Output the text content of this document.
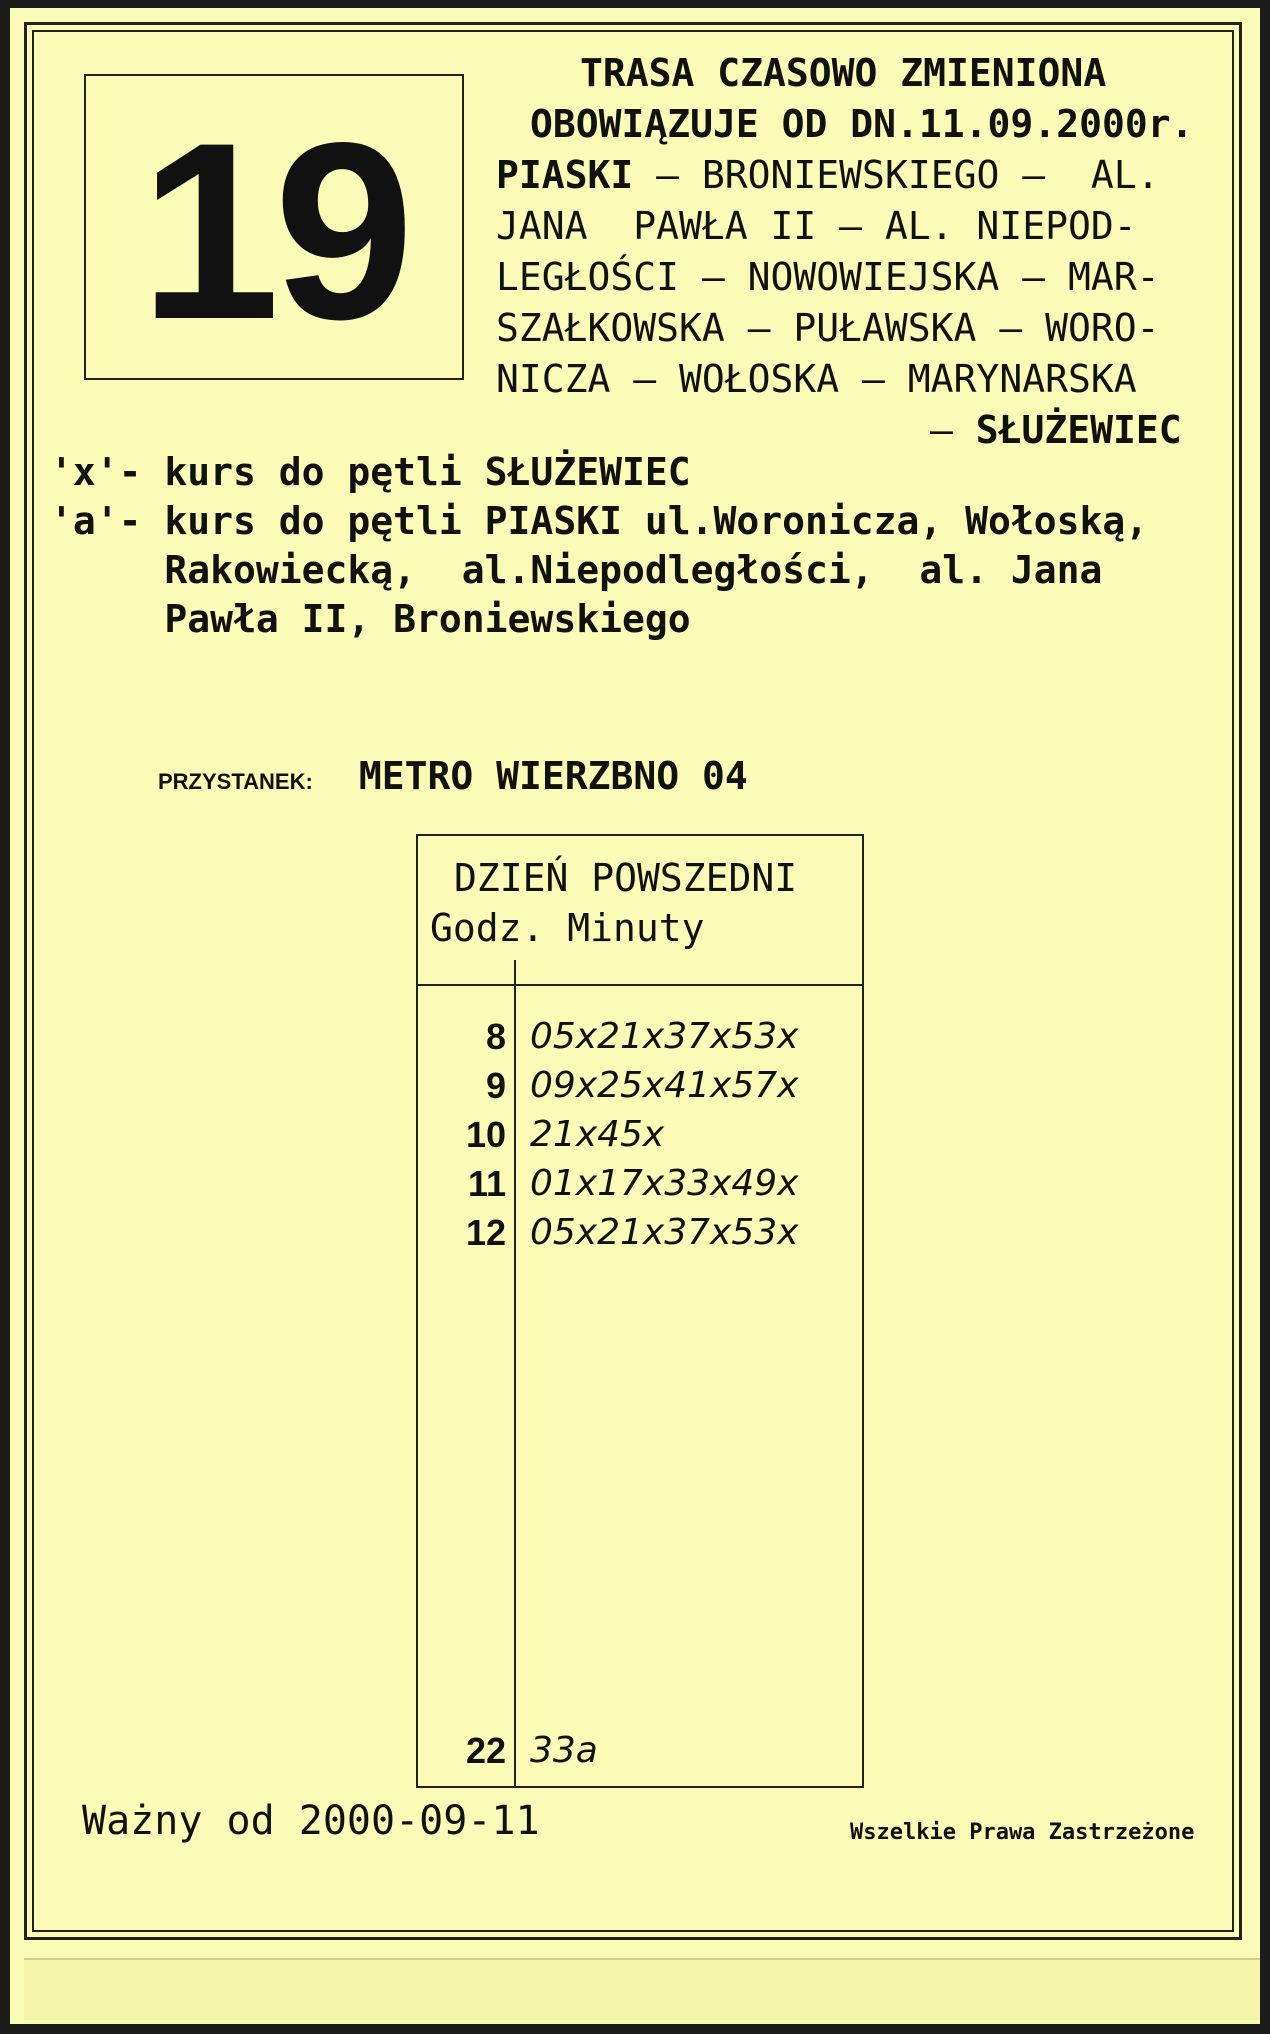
19
TRASA CZASOWO ZMIENIONA
OBOWIĄZUJE OD DN.11.09.2000r.
PIASKI – BRONIEWSKIEGO –  AL.
JANA  PAWŁA II – AL. NIEPOD-
LEGŁOŚCI – NOWOWIEJSKA – MAR-
SZAŁKOWSKA – PUŁAWSKA – WORO-
NICZA – WOŁOSKA – MARYNARSKA
– SŁUŻEWIEC
'x'- kurs do pętli SŁUŻEWIEC
'a'- kurs do pętli PIASKI ul.Woronicza, Wołoską,
Rakowiecką,  al.Niepodległości,  al. Jana
Pawła II, Broniewskiego
PRZYSTANEK: METRO WIERZBNO 04
DZIEŃ POWSZEDNI
Godz. Minuty
8 05x21x37x53x
9 09x25x41x57x
10 21x45x
11 01x17x33x49x
12 05x21x37x53x
22 33a
Ważny od 2000-09-11	Wszelkie Prawa Zastrzeżone
